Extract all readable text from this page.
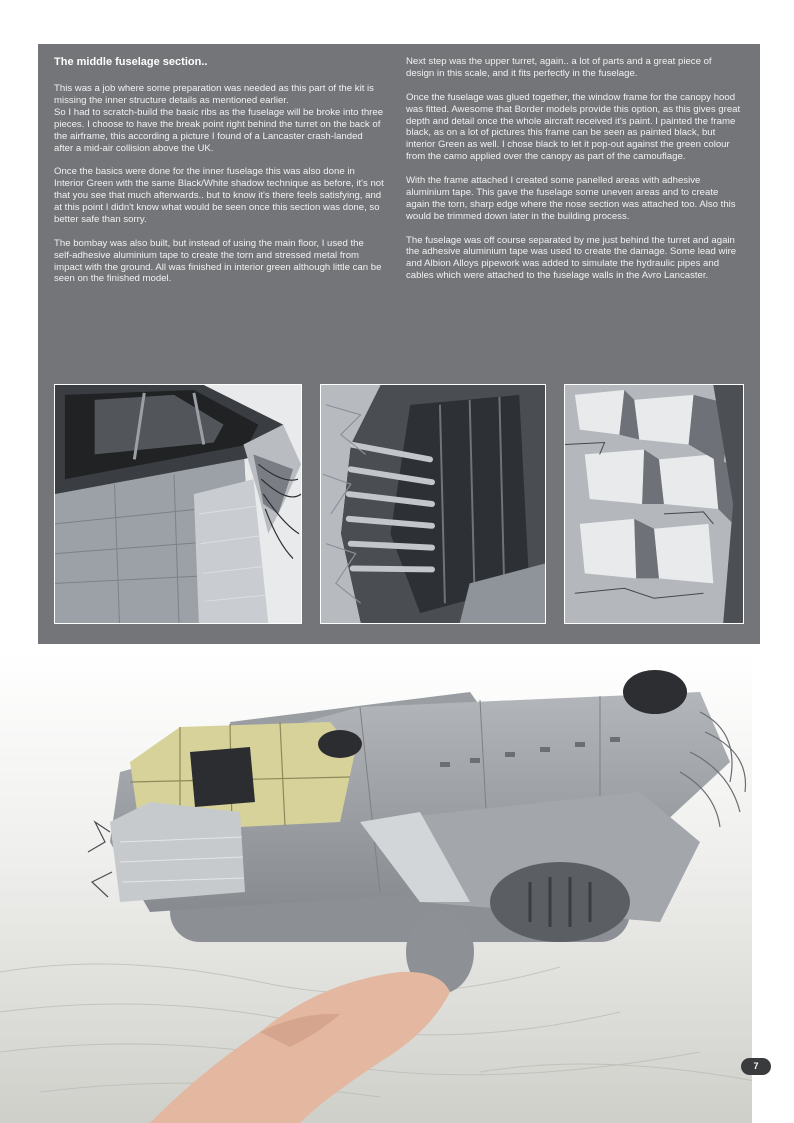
The middle fuselage section..

This was a job where some preparation was needed as this part of the kit is missing the inner structure details as mentioned earlier.
So I had to scratch-build the basic ribs as the fuselage will be broke into three pieces. I choose to have the break point right behind the turret on the back of the airframe, this according a picture I found of a Lancaster crash-landed after a mid-air collision above the UK.

Once the basics were done for the inner fuselage this was also done in Interior Green with the same Black/White shadow technique as before, it's not that you see that much afterwards.. but to know it's there feels satisfying, and at this point I didn't know what would be seen once this section was done, so better safe than sorry.

The bombay was also built, but instead of using the main floor, I used the self-adhesive aluminium tape to create the torn and stressed metal from impact with the ground. All was finished in interior green although little can be seen on the finished model.

Next step was the upper turret, again.. a lot of parts and a great piece of design in this scale, and it fits perfectly in the fuselage.

Once the fuselage was glued together, the window frame for the canopy hood was fitted. Awesome that Border models provide this option, as this gives great depth and detail once the whole aircraft received it's paint. I painted the frame black, as on a lot of pictures this frame can be seen as painted black, but interior Green as well. I chose black to let it pop-out against the green colour from the camo applied over the canopy as part of the camouflage.

With the frame attached I created some panelled areas with adhesive aluminium tape. This gave the fuselage some uneven areas and to create again the torn, sharp edge where the nose section was attached too. Also this would be trimmed down later in the building process.

The fuselage was off course separated by me just behind the turret and again the adhesive aluminium tape was used to create the damage. Some lead wire and Albion Alloys pipework was added to simulate the hydraulic pipes and cables which were attached to the fuselage walls in the Avro Lancaster.

7
